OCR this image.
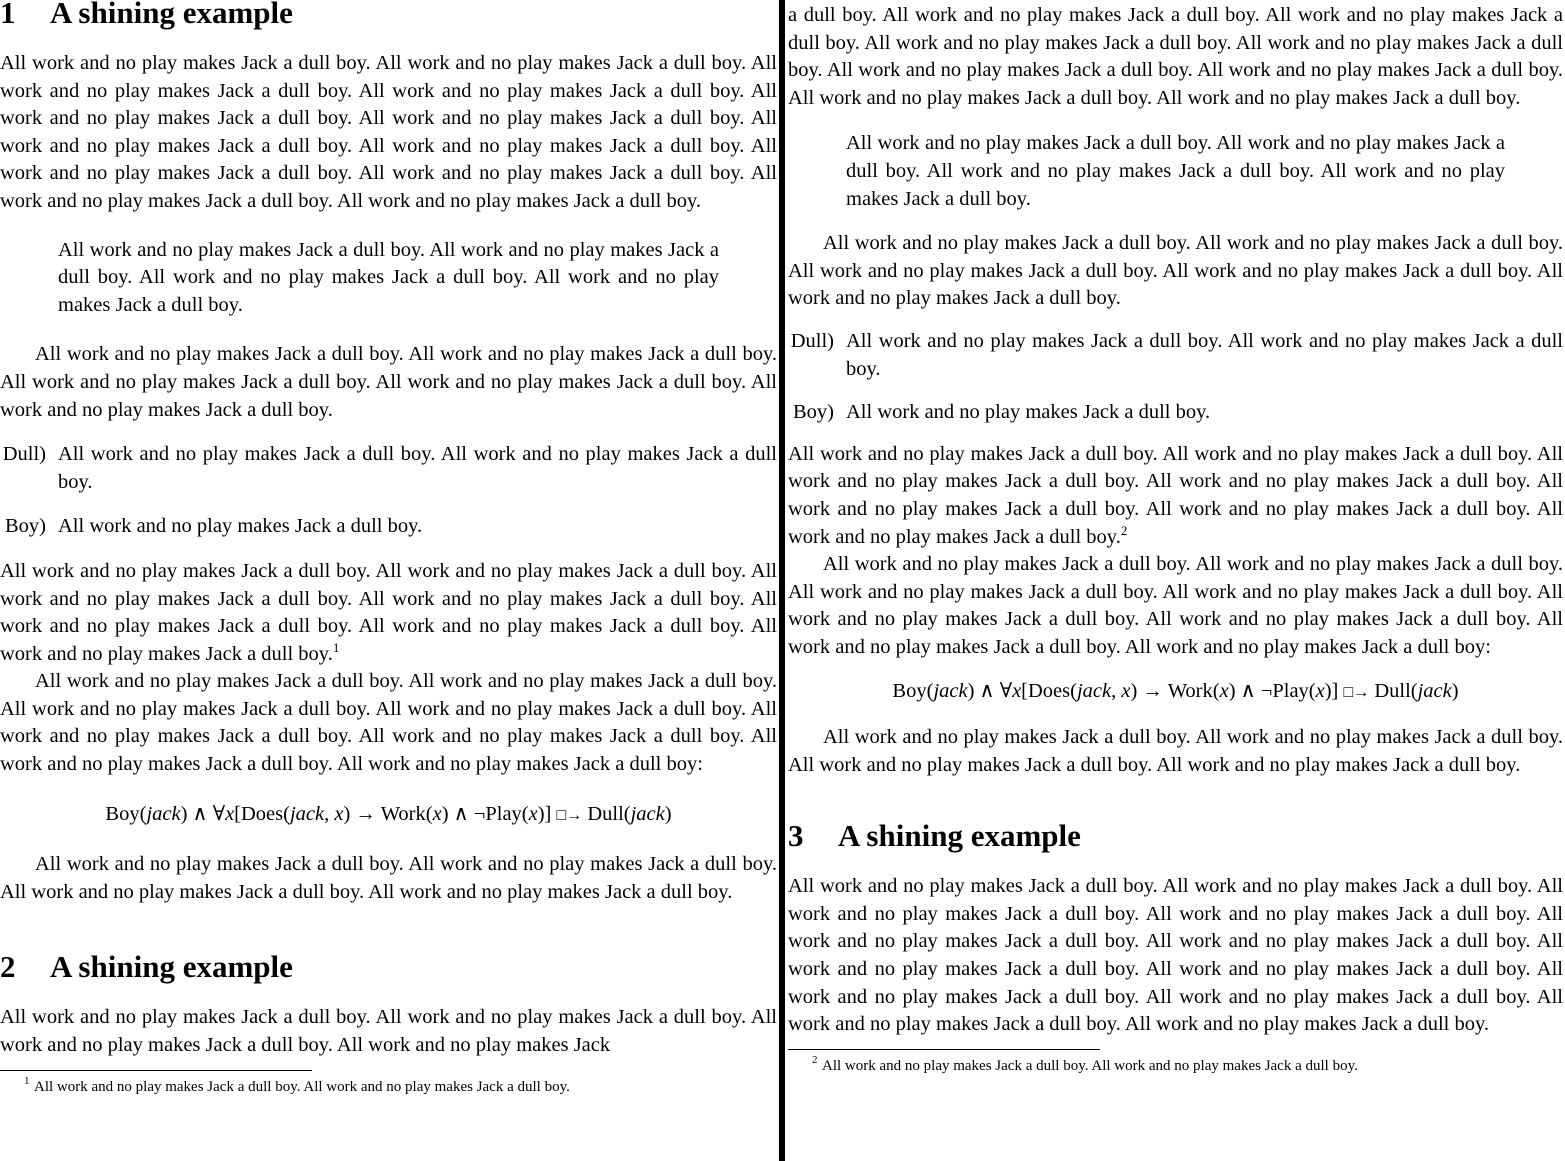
1 A shining example

All work and no play makes Jack a dull boy. All work and no play makes Jack a dull boy. All work and no play makes Jack a dull boy. All work and no play makes Jack a dull boy. All work and no play makes Jack a dull boy. All work and no play makes Jack a dull boy. All work and no play makes Jack a dull boy. All work and no play makes Jack a dull boy. All work and no play makes Jack a dull boy. All work and no play makes Jack a dull boy. All work and no play makes Jack a dull boy. All work and no play makes Jack a dull boy.

All work and no play makes Jack a dull boy. All work and no play makes Jack a dull boy. All work and no play makes Jack a dull boy. All work and no play makes Jack a dull boy.

All work and no play makes Jack a dull boy. All work and no play makes Jack a dull boy. All work and no play makes Jack a dull boy. All work and no play makes Jack a dull boy. All work and no play makes Jack a dull boy.

Dull) All work and no play makes Jack a dull boy. All work and no play makes Jack a dull boy.
Boy) All work and no play makes Jack a dull boy.

All work and no play makes Jack a dull boy. All work and no play makes Jack a dull boy. All work and no play makes Jack a dull boy. All work and no play makes Jack a dull boy. All work and no play makes Jack a dull boy. All work and no play makes Jack a dull boy. All work and no play makes Jack a dull boy.$^1$

All work and no play makes Jack a dull boy. All work and no play makes Jack a dull boy. All work and no play makes Jack a dull boy. All work and no play makes Jack a dull boy. All work and no play makes Jack a dull boy. All work and no play makes Jack a dull boy. All work and no play makes Jack a dull boy. All work and no play makes Jack a dull boy:

Boy(jack) ∧ ∀x[Does(jack, x) → Work(x) ∧ ¬Play(x)] □→ Dull(jack)

All work and no play makes Jack a dull boy. All work and no play makes Jack a dull boy. All work and no play makes Jack a dull boy. All work and no play makes Jack a dull boy.

2 A shining example

All work and no play makes Jack a dull boy. All work and no play makes Jack a dull boy. All work and no play makes Jack a dull boy. All work and no play makes Jack

1 All work and no play makes Jack a dull boy. All work and no play makes Jack a dull boy.

a dull boy. All work and no play makes Jack a dull boy. All work and no play makes Jack a dull boy. All work and no play makes Jack a dull boy. All work and no play makes Jack a dull boy. All work and no play makes Jack a dull boy. All work and no play makes Jack a dull boy. All work and no play makes Jack a dull boy. All work and no play makes Jack a dull boy.

All work and no play makes Jack a dull boy. All work and no play makes Jack a dull boy. All work and no play makes Jack a dull boy. All work and no play makes Jack a dull boy.

All work and no play makes Jack a dull boy. All work and no play makes Jack a dull boy. All work and no play makes Jack a dull boy. All work and no play makes Jack a dull boy. All work and no play makes Jack a dull boy.

Dull) All work and no play makes Jack a dull boy. All work and no play makes Jack a dull boy.
Boy) All work and no play makes Jack a dull boy.

All work and no play makes Jack a dull boy. All work and no play makes Jack a dull boy. All work and no play makes Jack a dull boy. All work and no play makes Jack a dull boy. All work and no play makes Jack a dull boy. All work and no play makes Jack a dull boy. All work and no play makes Jack a dull boy.$^2$

All work and no play makes Jack a dull boy. All work and no play makes Jack a dull boy. All work and no play makes Jack a dull boy. All work and no play makes Jack a dull boy. All work and no play makes Jack a dull boy. All work and no play makes Jack a dull boy. All work and no play makes Jack a dull boy. All work and no play makes Jack a dull boy:

Boy(jack) ∧ ∀x[Does(jack, x) → Work(x) ∧ ¬Play(x)] □→ Dull(jack)

All work and no play makes Jack a dull boy. All work and no play makes Jack a dull boy. All work and no play makes Jack a dull boy. All work and no play makes Jack a dull boy.

3 A shining example

All work and no play makes Jack a dull boy. All work and no play makes Jack a dull boy. All work and no play makes Jack a dull boy. All work and no play makes Jack a dull boy. All work and no play makes Jack a dull boy. All work and no play makes Jack a dull boy. All work and no play makes Jack a dull boy. All work and no play makes Jack a dull boy. All work and no play makes Jack a dull boy. All work and no play makes Jack a dull boy. All work and no play makes Jack a dull boy. All work and no play makes Jack a dull boy.

2 All work and no play makes Jack a dull boy. All work and no play makes Jack a dull boy.
